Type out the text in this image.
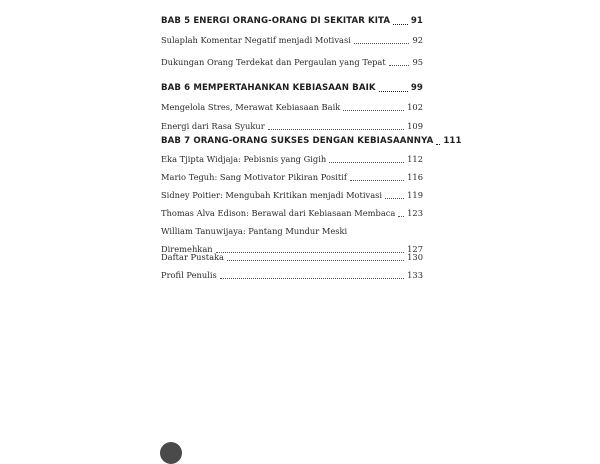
BAB 5 ENERGI ORANG-ORANG DI SEKITAR KITA 91
Sulaplah Komentar Negatif menjadi Motivasi	92
Dukungan Orang Terdekat dan Pergaulan yang Tepat	95
BAB 6 MEMPERTAHANKAN KEBIASAAN BAIK	99
Mengelola Stres, Merawat Kebiasaan Baik	102
Energi dari Rasa Syukur	109
BAB 7 ORANG-ORANG SUKSES DENGAN KEBIASAANNYA 111
Eka Tjipta Widjaja: Pebisnis yang Gigih	112
Mario Teguh: Sang Motivator Pikiran Positif	116
Sidney Poitier: Mengubah Kritikan menjadi Motivasi	119
Thomas Alva Edison: Berawal dari Kebiasaan Membaca 123
William Tanuwijaya: Pantang Mundur Meski
Diremehkan	127
Daftar Pustaka	130
Profil Penulis	133
